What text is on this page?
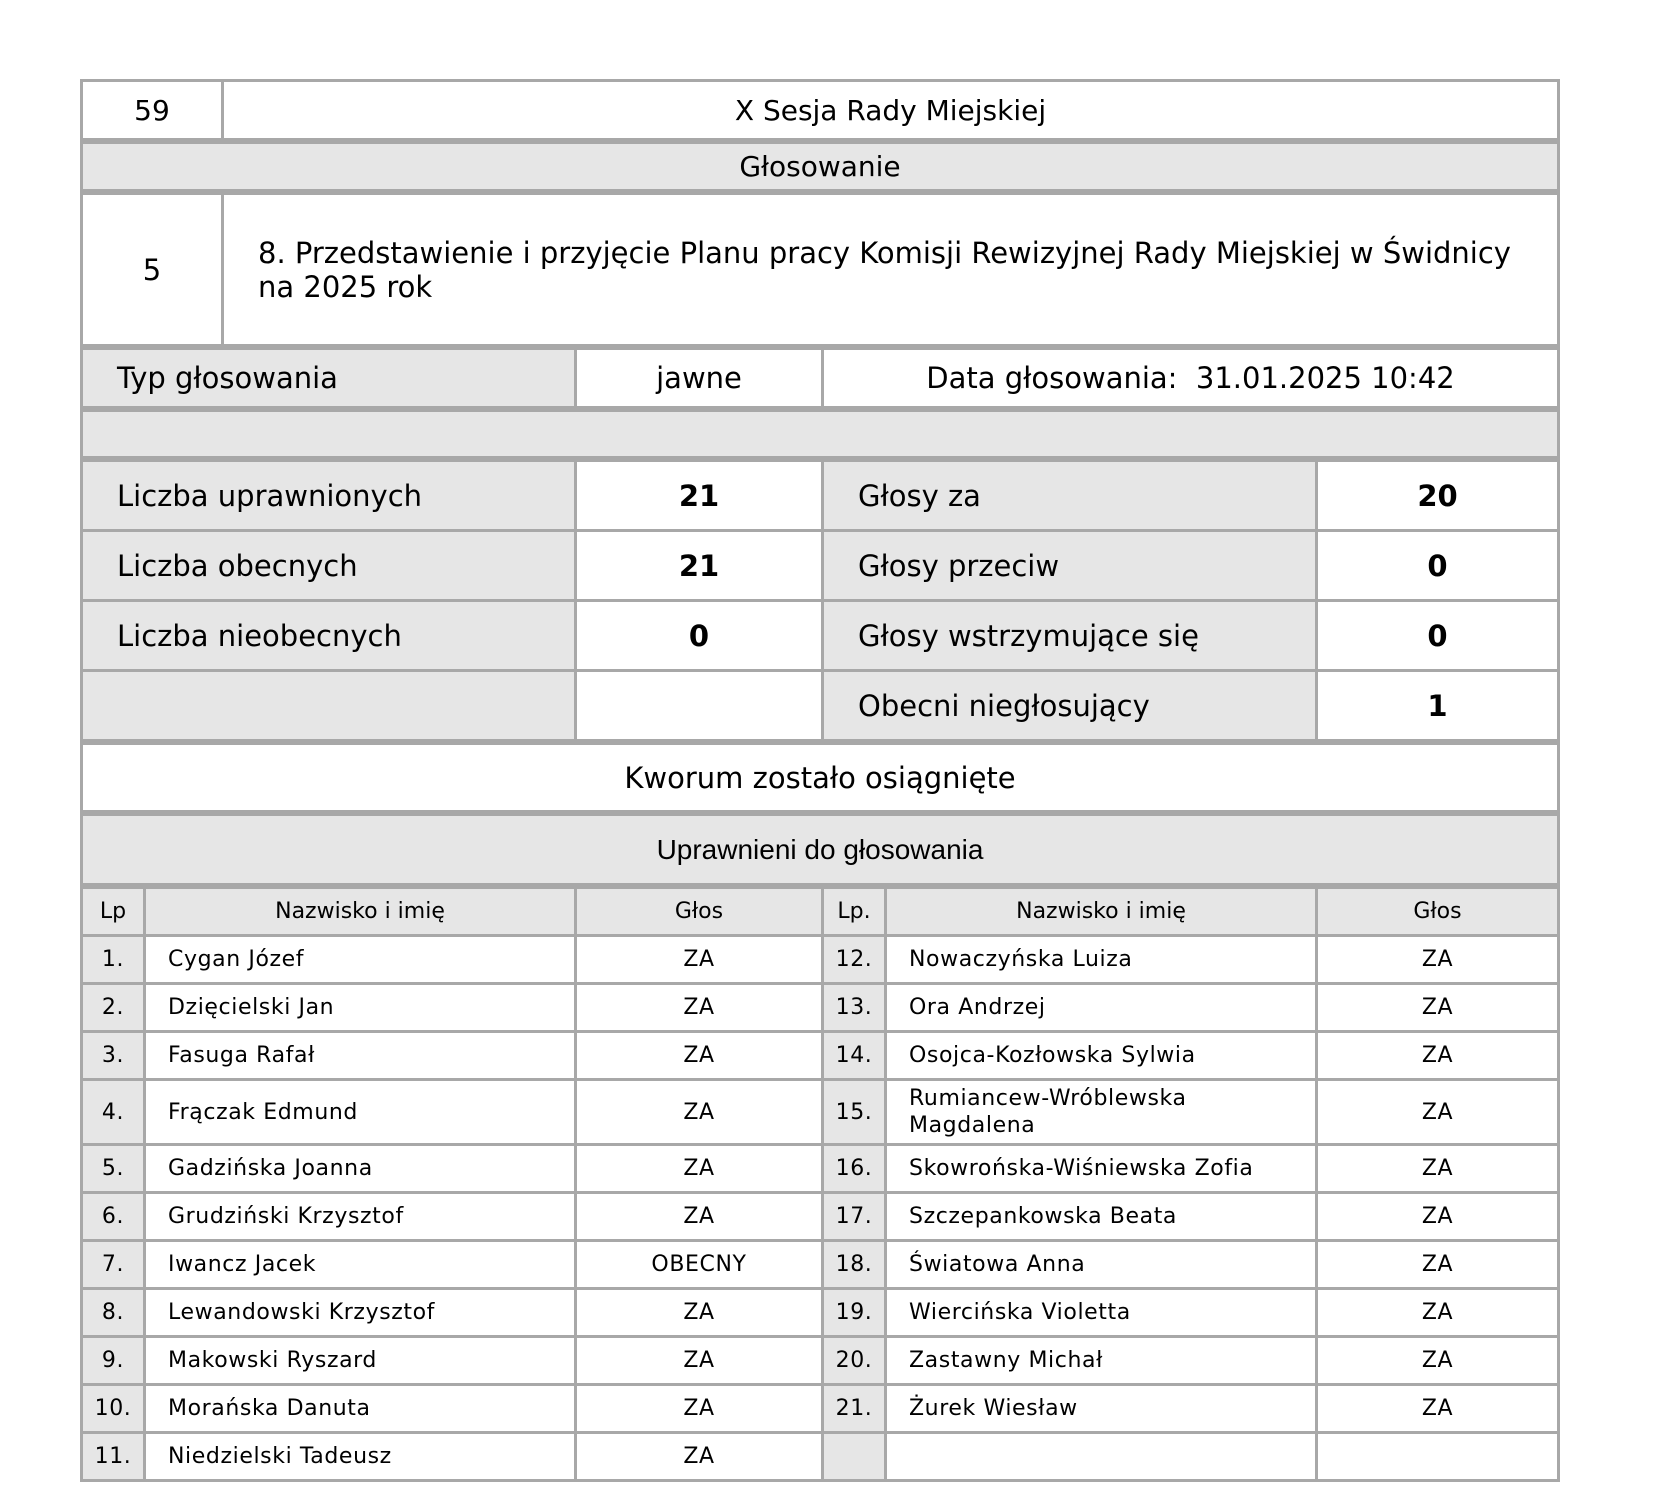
59	X Sesja Rady Miejskiej
Głosowanie
5	8. Przedstawienie i przyjęcie Planu pracy Komisji Rewizyjnej Rady Miejskiej w Świdnicy na 2025 rok
Typ głosowania	jawne	Data głosowania: 31.01.2025 10:42
Liczba uprawnionych	21	Głosy za	20
Liczba obecnych	21	Głosy przeciw	0
Liczba nieobecnych	0	Głosy wstrzymujące się	0
		Obecni niegłosujący	1
Kworum zostało osiągnięte
Uprawnieni do głosowania
Lp	Nazwisko i imię	Głos	Lp.	Nazwisko i imię	Głos
1.	Cygan Józef	ZA	12.	Nowaczyńska Luiza	ZA
2.	Dzięcielski Jan	ZA	13.	Ora Andrzej	ZA
3.	Fasuga Rafał	ZA	14.	Osojca-Kozłowska Sylwia	ZA
4.	Frączak Edmund	ZA	15.	Rumiancew-Wróblewska Magdalena	ZA
5.	Gadzińska Joanna	ZA	16.	Skowrońska-Wiśniewska Zofia	ZA
6.	Grudziński Krzysztof	ZA	17.	Szczepankowska Beata	ZA
7.	Iwancz Jacek	OBECNY	18.	Światowa Anna	ZA
8.	Lewandowski Krzysztof	ZA	19.	Wiercińska Violetta	ZA
9.	Makowski Ryszard	ZA	20.	Zastawny Michał	ZA
10.	Morańska Danuta	ZA	21.	Żurek Wiesław	ZA
11.	Niedzielski Tadeusz	ZA			
